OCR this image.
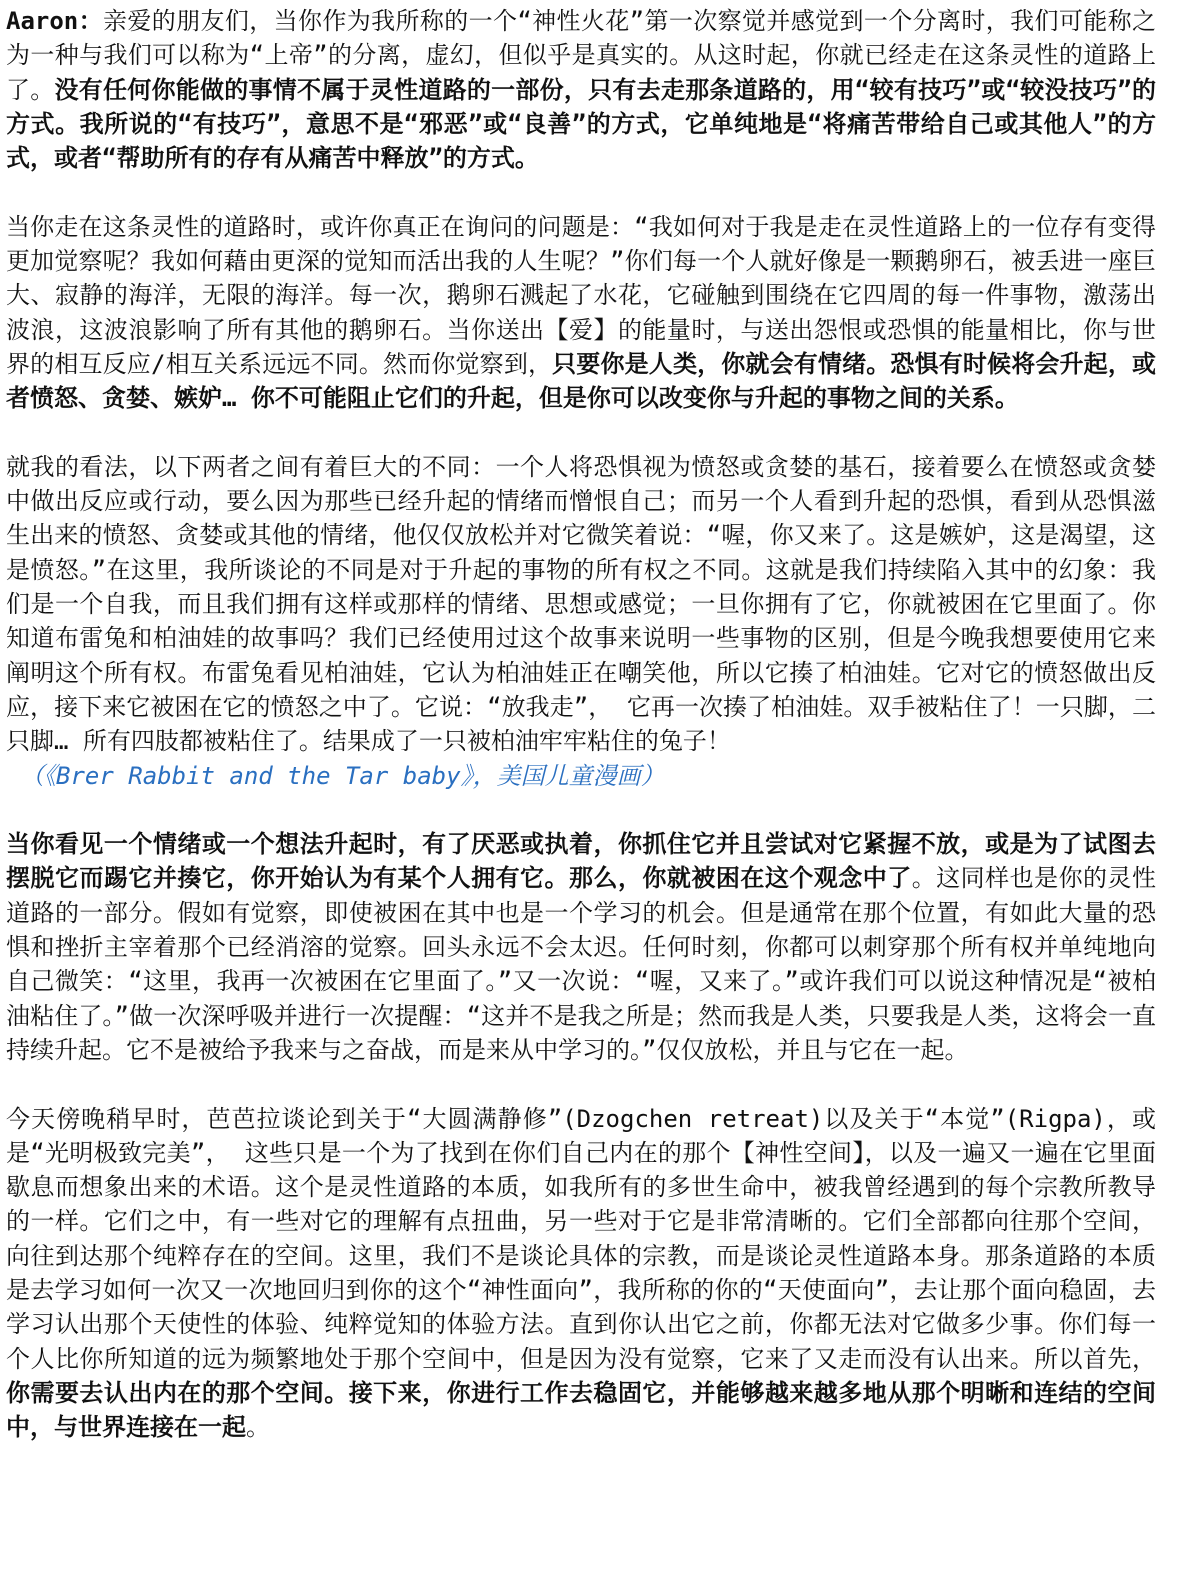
Aaron：亲爱的朋友们，当你作为我所称的一个“神性火花”第一次察觉并感觉到一个分离时，我们可能称之为一种与我们可以称为“上帝”的分离，虚幻，但似乎是真实的。从这时起，你就已经走在这条灵性的道路上了。没有任何你能做的事情不属于灵性道路的一部份，只有去走那条道路的，用“较有技巧”或“较没技巧”的方式。我所说的“有技巧”，意思不是“邪恶”或“良善”的方式，它单纯地是“将痛苦带给自己或其他人”的方式，或者“帮助所有的存有从痛苦中释放”的方式。

当你走在这条灵性的道路时，或许你真正在询问的问题是：“我如何对于我是走在灵性道路上的一位存有变得更加觉察呢？我如何藉由更深的觉知而活出我的人生呢？”你们每一个人就好像是一颗鹅卵石，被丢进一座巨大、寂静的海洋，无限的海洋。每一次，鹅卵石溅起了水花，它碰触到围绕在它四周的每一件事物，激荡出波浪，这波浪影响了所有其他的鹅卵石。当你送出【爱】的能量时，与送出怨恨或恐惧的能量相比，你与世界的相互反应/相互关系远远不同。然而你觉察到，只要你是人类，你就会有情绪。恐惧有时候将会升起，或者愤怒、贪婪、嫉妒… 你不可能阻止它们的升起，但是你可以改变你与升起的事物之间的关系。

就我的看法，以下两者之间有着巨大的不同：一个人将恐惧视为愤怒或贪婪的基石，接着要么在愤怒或贪婪中做出反应或行动，要么因为那些已经升起的情绪而憎恨自己；而另一个人看到升起的恐惧，看到从恐惧滋生出来的愤怒、贪婪或其他的情绪，他仅仅放松并对它微笑着说：“喔，你又来了。这是嫉妒，这是渴望，这是愤怒。”在这里，我所谈论的不同是对于升起的事物的所有权之不同。这就是我们持续陷入其中的幻象：我们是一个自我，而且我们拥有这样或那样的情绪、思想或感觉；一旦你拥有了它，你就被困在它里面了。你知道布雷兔和柏油娃的故事吗？我们已经使用过这个故事来说明一些事物的区别，但是今晚我想要使用它来阐明这个所有权。布雷兔看见柏油娃，它认为柏油娃正在嘲笑他，所以它揍了柏油娃。它对它的愤怒做出反应，接下来它被困在它的愤怒之中了。它说：“放我走”， 它再一次揍了柏油娃。双手被粘住了！一只脚，二只脚… 所有四肢都被粘住了。结果成了一只被柏油牢牢粘住的兔子！
（《Brer Rabbit and the Tar baby》，美国儿童漫画）

当你看见一个情绪或一个想法升起时，有了厌恶或执着，你抓住它并且尝试对它紧握不放，或是为了试图去摆脱它而踢它并揍它，你开始认为有某个人拥有它。那么，你就被困在这个观念中了。这同样也是你的灵性道路的一部分。假如有觉察，即使被困在其中也是一个学习的机会。但是通常在那个位置，有如此大量的恐惧和挫折主宰着那个已经消溶的觉察。回头永远不会太迟。任何时刻，你都可以刺穿那个所有权并单纯地向自己微笑：“这里，我再一次被困在它里面了。”又一次说：“喔，又来了。”或许我们可以说这种情况是“被柏油粘住了。”做一次深呼吸并进行一次提醒：“这并不是我之所是；然而我是人类，只要我是人类，这将会一直持续升起。它不是被给予我来与之奋战，而是来从中学习的。”仅仅放松，并且与它在一起。

今天傍晚稍早时，芭芭拉谈论到关于“大圆满静修”(Dzogchen retreat)以及关于“本觉”(Rigpa)，或是“光明极致完美”， 这些只是一个为了找到在你们自己内在的那个【神性空间】，以及一遍又一遍在它里面歇息而想象出来的术语。这个是灵性道路的本质，如我所有的多世生命中，被我曾经遇到的每个宗教所教导的一样。它们之中，有一些对它的理解有点扭曲，另一些对于它是非常清晰的。它们全部都向往那个空间，向往到达那个纯粹存在的空间。这里，我们不是谈论具体的宗教，而是谈论灵性道路本身。那条道路的本质是去学习如何一次又一次地回归到你的这个“神性面向”，我所称的你的“天使面向”，去让那个面向稳固，去学习认出那个天使性的体验、纯粹觉知的体验方法。直到你认出它之前，你都无法对它做多少事。你们每一个人比你所知道的远为频繁地处于那个空间中，但是因为没有觉察，它来了又走而没有认出来。所以首先，你需要去认出内在的那个空间。接下来，你进行工作去稳固它，并能够越来越多地从那个明晰和连结的空间中，与世界连接在一起。
